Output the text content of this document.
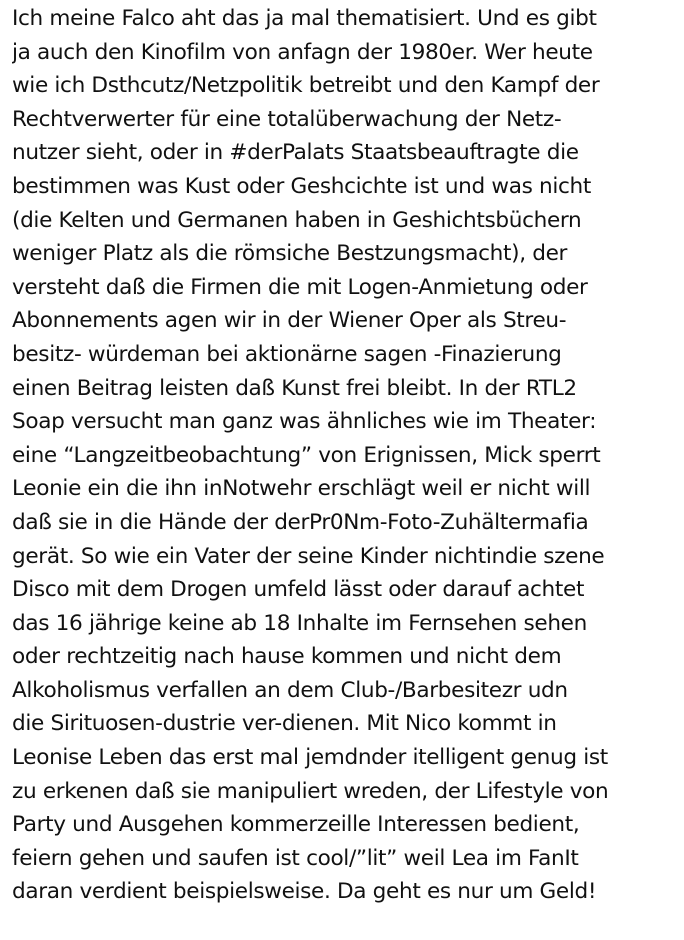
Ich meine Falco aht das ja mal thematisiert. Und es gibt
ja auch den Kinofilm von anfagn der 1980er. Wer heute
wie ich Dsthcutz/Netzpolitik betreibt und den Kampf der
Rechtverwerter für eine totalüberwachung der Netz-
nutzer sieht, oder in #derPalats Staatsbeauftragte die
bestimmen was Kust oder Geshcichte ist und was nicht
(die Kelten und Germanen haben in Geshichtsbüchern
weniger Platz als die römsiche Bestzungsmacht), der
versteht daß die Firmen die mit Logen-Anmietung oder
Abonnements agen wir in der Wiener Oper als Streu-
besitz- würdeman bei aktionärne sagen -Finazierung
einen Beitrag leisten daß Kunst frei bleibt. In der RTL2
Soap versucht man ganz was ähnliches wie im Theater:
eine “Langzeitbeobachtung” von Erignissen, Mick sperrt
Leonie ein die ihn inNotwehr erschlägt weil er nicht will
daß sie in die Hände der derPr0Nm-Foto-Zuhältermafia
gerät. So wie ein Vater der seine Kinder nichtindie szene
Disco mit dem Drogen umfeld lässt oder darauf achtet
das 16 jährige keine ab 18 Inhalte im Fernsehen sehen
oder rechtzeitig nach hause kommen und nicht dem
Alkoholismus verfallen an dem Club-/Barbesitezr udn
die Sirituosen-dustrie ver-dienen. Mit Nico kommt in
Leonise Leben das erst mal jemdnder itelligent genug ist
zu erkenen daß sie manipuliert wreden, der Lifestyle von
Party und Ausgehen kommerzeille Interessen bedient,
feiern gehen und saufen ist cool/”lit” weil Lea im FanIt
daran verdient beispielsweise. Da geht es nur um Geld!
